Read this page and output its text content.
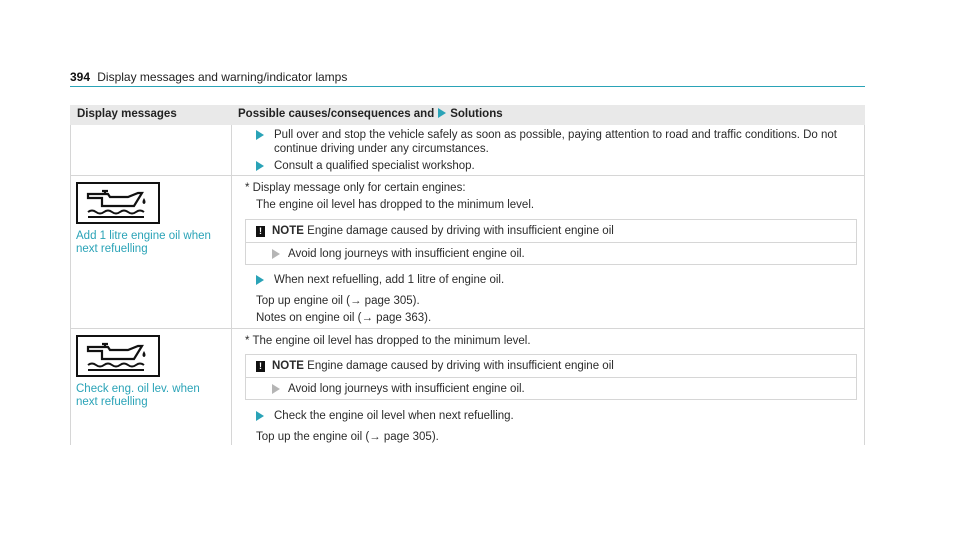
394 Display messages and warning/indicator lamps
Display messages	Possible causes/consequences and Solutions
Pull over and stop the vehicle safely as soon as possible, paying attention to road and traffic conditions. Do not
continue driving under any circumstances.
Consult a qualified specialist workshop.
Add 1 litre engine oil when
next refuelling
* Display message only for certain engines:
The engine oil level has dropped to the minimum level.
! NOTE Engine damage caused by driving with insufficient engine oil
Avoid long journeys with insufficient engine oil.
When next refuelling, add 1 litre of engine oil.
Top up engine oil (→ page 305).
Notes on engine oil (→ page 363).
Check eng. oil lev. when
next refuelling
* The engine oil level has dropped to the minimum level.
! NOTE Engine damage caused by driving with insufficient engine oil
Avoid long journeys with insufficient engine oil.
Check the engine oil level when next refuelling.
Top up the engine oil (→ page 305).
